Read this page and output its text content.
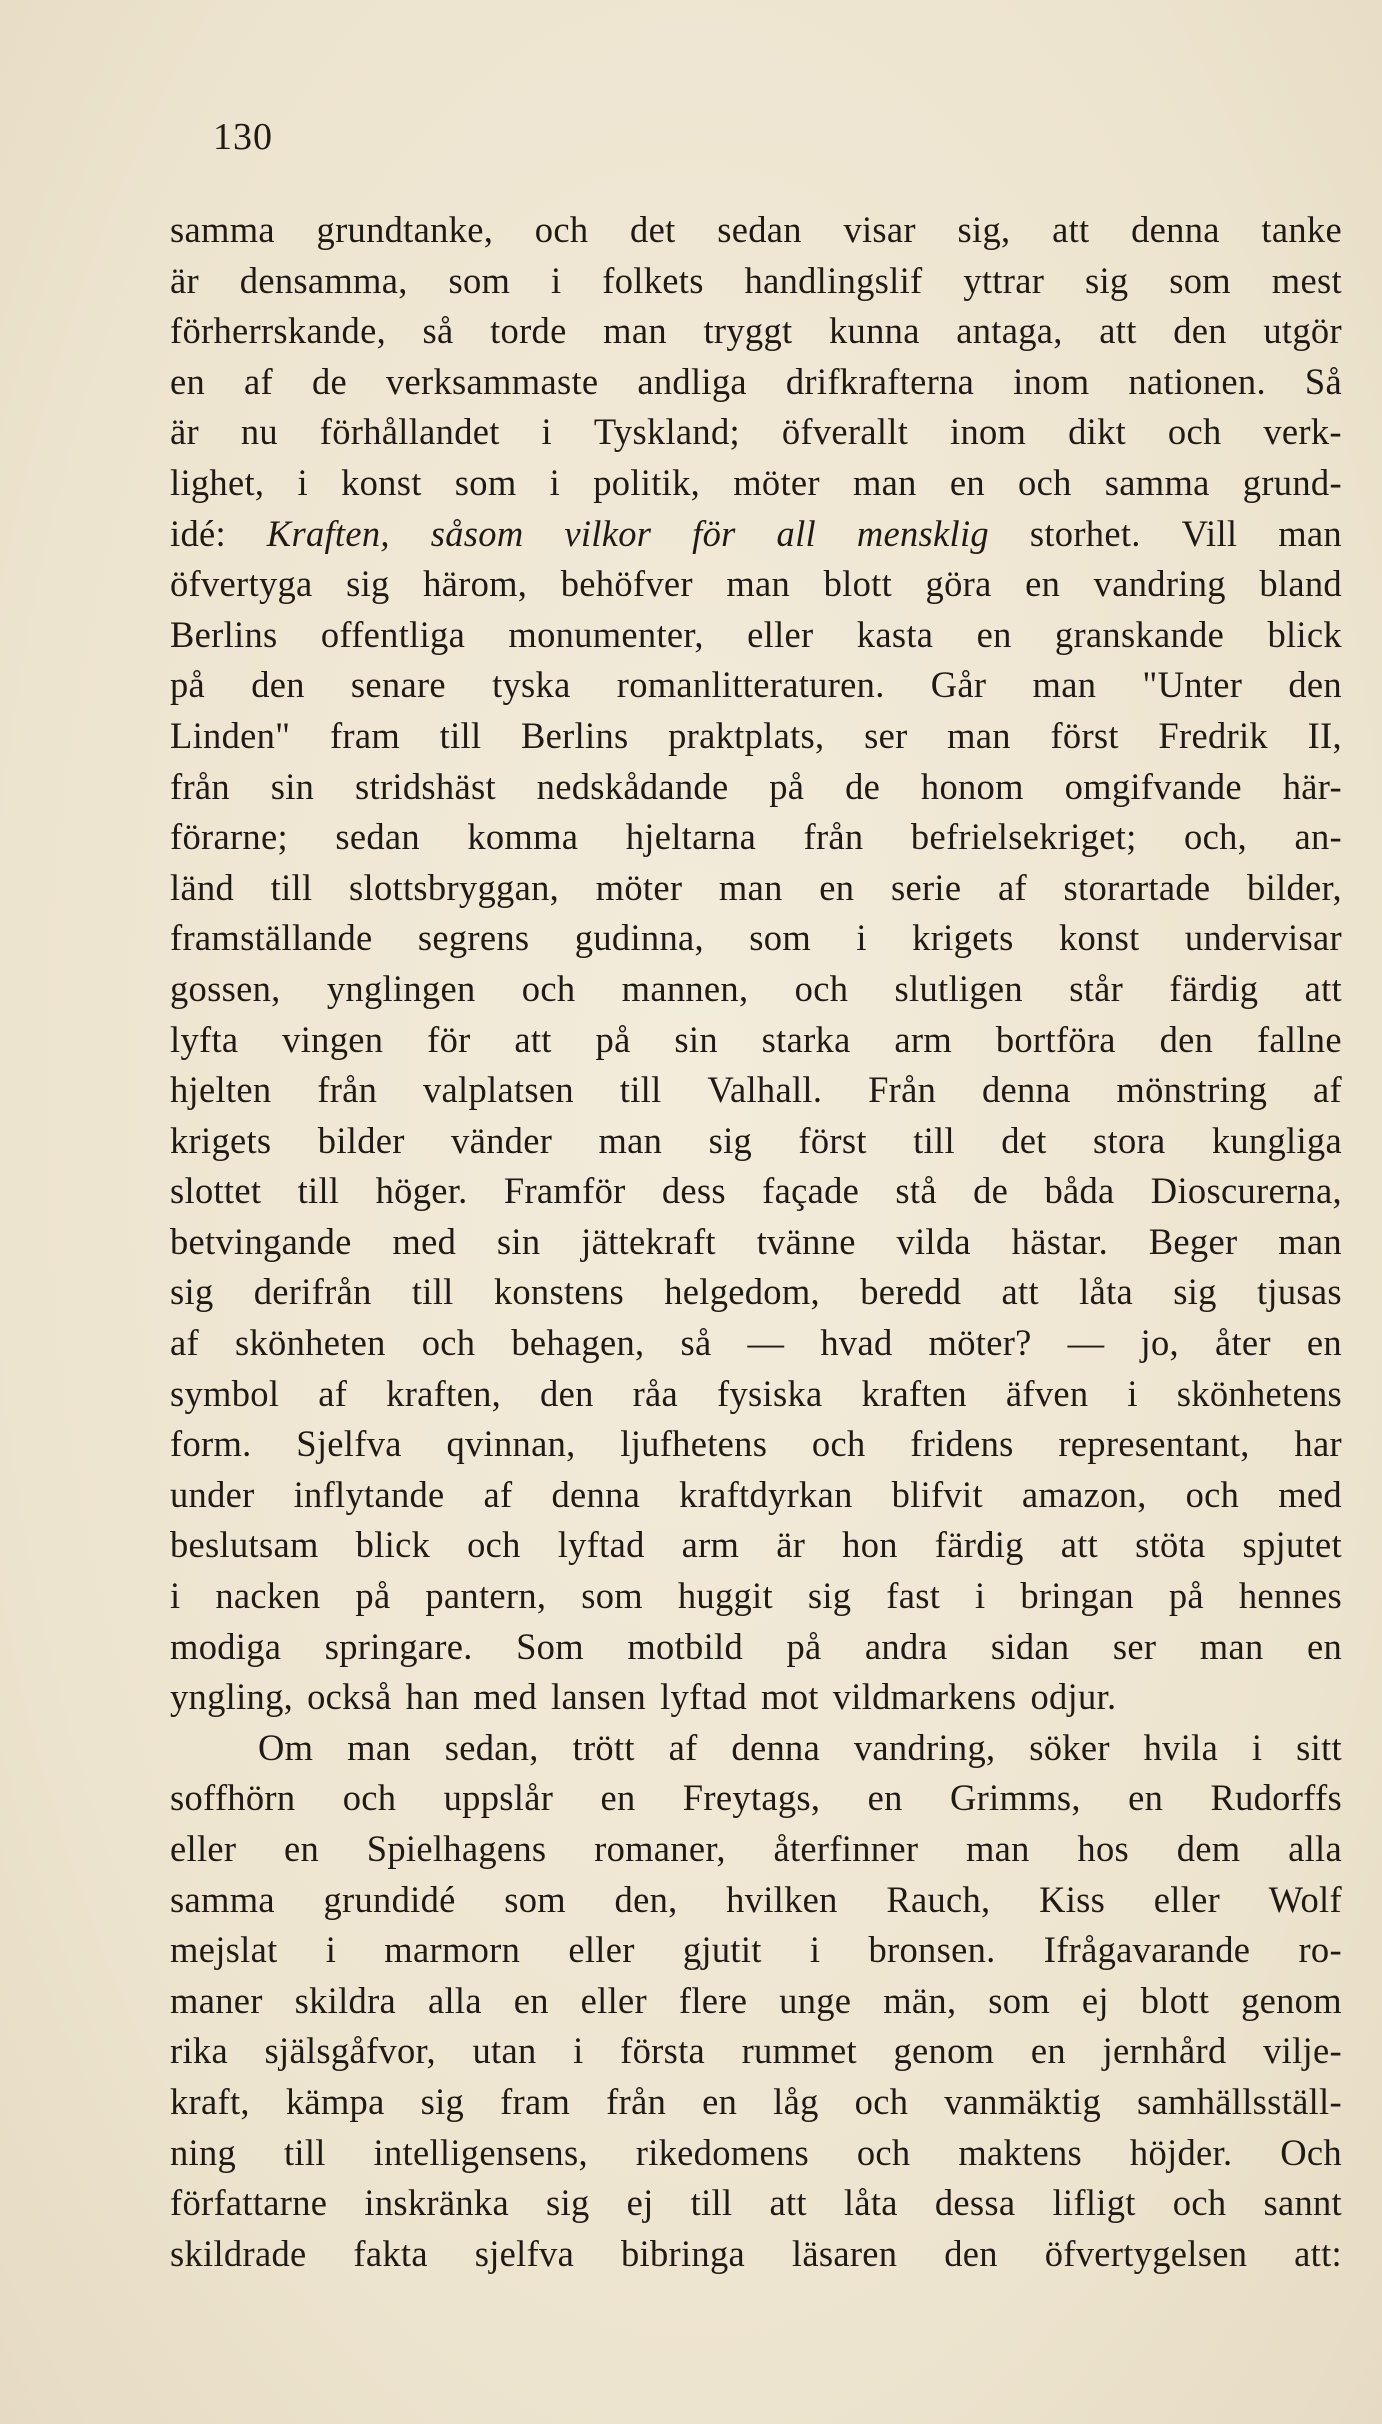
130
samma grundtanke, och det sedan visar sig, att denna tanke
är densamma, som i folkets handlingslif yttrar sig som mest
förherrskande, så torde man tryggt kunna antaga, att den utgör
en af de verksammaste andliga drifkrafterna inom nationen. Så
är nu förhållandet i Tyskland; öfverallt inom dikt och verk-
lighet, i konst som i politik, möter man en och samma grund-
idé: Kraften, såsom vilkor för all mensklig storhet. Vill man
öfvertyga sig härom, behöfver man blott göra en vandring bland
Berlins offentliga monumenter, eller kasta en granskande blick
på den senare tyska romanlitteraturen. Går man "Unter den
Linden" fram till Berlins praktplats, ser man först Fredrik II,
från sin stridshäst nedskådande på de honom omgifvande här-
förarne; sedan komma hjeltarna från befrielsekriget; och, an-
länd till slottsbryggan, möter man en serie af storartade bilder,
framställande segrens gudinna, som i krigets konst undervisar
gossen, ynglingen och mannen, och slutligen står färdig att
lyfta vingen för att på sin starka arm bortföra den fallne
hjelten från valplatsen till Valhall. Från denna mönstring af
krigets bilder vänder man sig först till det stora kungliga
slottet till höger. Framför dess façade stå de båda Dioscurerna,
betvingande med sin jättekraft tvänne vilda hästar. Beger man
sig derifrån till konstens helgedom, beredd att låta sig tjusas
af skönheten och behagen, så — hvad möter? — jo, åter en
symbol af kraften, den råa fysiska kraften äfven i skönhetens
form. Sjelfva qvinnan, ljufhetens och fridens representant, har
under inflytande af denna kraftdyrkan blifvit amazon, och med
beslutsam blick och lyftad arm är hon färdig att stöta spjutet
i nacken på pantern, som huggit sig fast i bringan på hennes
modiga springare. Som motbild på andra sidan ser man en
yngling, också han med lansen lyftad mot vildmarkens odjur.
Om man sedan, trött af denna vandring, söker hvila i sitt
soffhörn och uppslår en Freytags, en Grimms, en Rudorffs
eller en Spielhagens romaner, återfinner man hos dem alla
samma grundidé som den, hvilken Rauch, Kiss eller Wolf
mejslat i marmorn eller gjutit i bronsen. Ifrågavarande ro-
maner skildra alla en eller flere unge män, som ej blott genom
rika själsgåfvor, utan i första rummet genom en jernhård vilje-
kraft, kämpa sig fram från en låg och vanmäktig samhällsställ-
ning till intelligensens, rikedomens och maktens höjder. Och
författarne inskränka sig ej till att låta dessa lifligt och sannt
skildrade fakta sjelfva bibringa läsaren den öfvertygelsen att:
